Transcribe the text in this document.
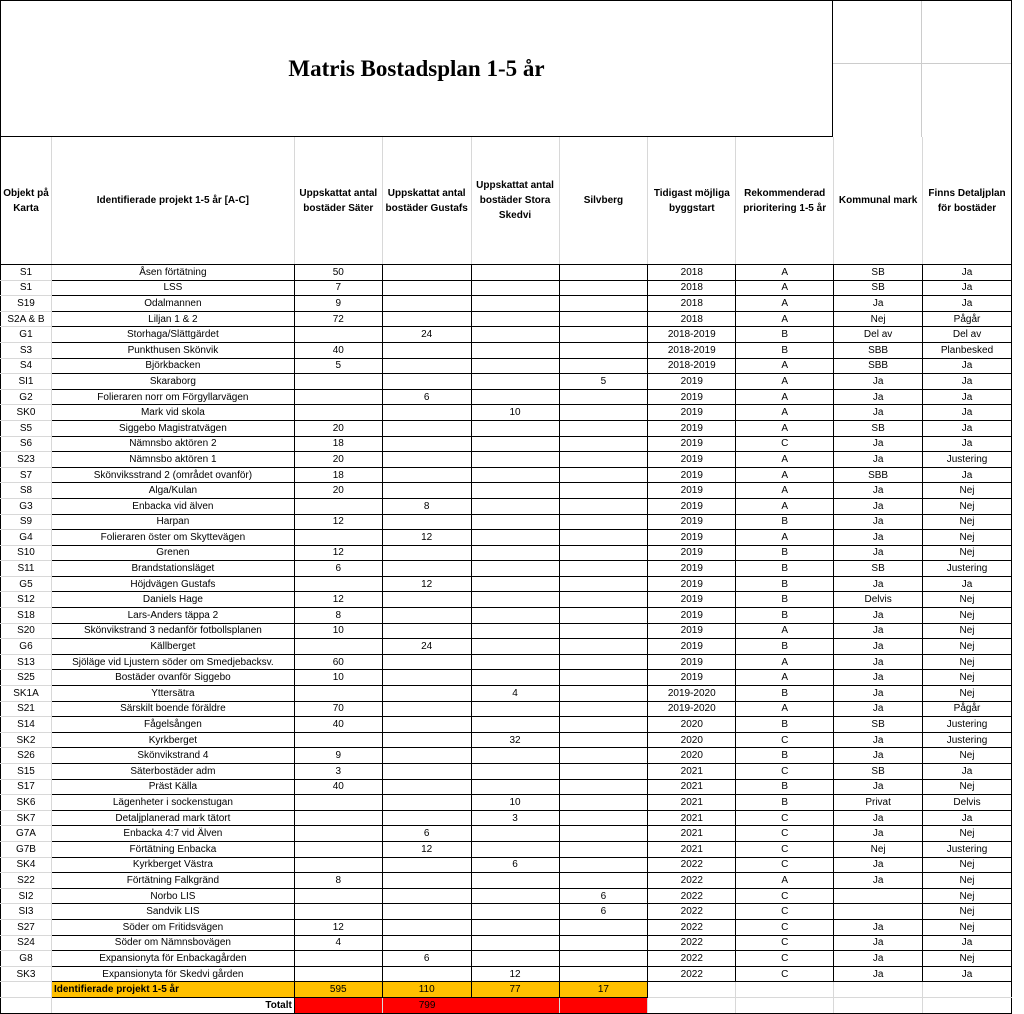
Matris Bostadsplan 1-5 år
Objekt på Karta	Identifierade projekt 1-5 år [A-C]	Uppskattat antal bostäder Säter	Uppskattat antal bostäder Gustafs	Uppskattat antal bostäder Stora Skedvi	Silvberg	Tidigast möjliga byggstart	Rekommenderad prioritering 1-5 år	Kommunal mark	Finns Detaljplan för bostäder
S1	Åsen förtätning	50				2018	A	SB	Ja
S1	LSS	7				2018	A	SB	Ja
S19	Odalmannen	9				2018	A	Ja	Ja
S2A & B	Liljan 1 & 2	72				2018	A	Nej	Pågår
G1	Storhaga/Slättgärdet		24			2018-2019	B	Del av	Del av
S3	Punkthusen Skönvik	40				2018-2019	B	SBB	Planbesked
S4	Björkbacken	5				2018-2019	A	SBB	Ja
SI1	Skaraborg				5	2019	A	Ja	Ja
G2	Folieraren norr om Förgyllarvägen		6			2019	A	Ja	Ja
SK0	Mark vid skola			10		2019	A	Ja	Ja
S5	Siggebo Magistratvägen	20				2019	A	SB	Ja
S6	Nämnsbo aktören 2	18				2019	C	Ja	Ja
S23	Nämnsbo aktören 1	20				2019	A	Ja	Justering
S7	Skönviksstrand 2 (området ovanför)	18				2019	A	SBB	Ja
S8	Alga/Kulan	20				2019	A	Ja	Nej
G3	Enbacka vid älven		8			2019	A	Ja	Nej
S9	Harpan	12				2019	B	Ja	Nej
G4	Folieraren öster om Skyttevägen		12			2019	A	Ja	Nej
S10	Grenen	12				2019	B	Ja	Nej
S11	Brandstationsläget	6				2019	B	SB	Justering
G5	Höjdvägen Gustafs		12			2019	B	Ja	Ja
S12	Daniels Hage	12				2019	B	Delvis	Nej
S18	Lars-Anders täppa 2	8				2019	B	Ja	Nej
S20	Skönvikstrand 3 nedanför fotbollsplanen	10				2019	A	Ja	Nej
G6	Källberget		24			2019	B	Ja	Nej
S13	Sjöläge vid Ljustern söder om Smedjebacksv.	60				2019	A	Ja	Nej
S25	Bostäder ovanför Siggebo	10				2019	A	Ja	Nej
SK1A	Yttersätra			4		2019-2020	B	Ja	Nej
S21	Särskilt boende föräldre	70				2019-2020	A	Ja	Pågår
S14	Fågelsången	40				2020	B	SB	Justering
SK2	Kyrkberget			32		2020	C	Ja	Justering
S26	Skönvikstrand 4	9				2020	B	Ja	Nej
S15	Säterbostäder adm	3				2021	C	SB	Ja
S17	Präst Källa	40				2021	B	Ja	Nej
SK6	Lägenheter i sockenstugan			10		2021	B	Privat	Delvis
SK7	Detaljplanerad mark tätort			3		2021	C	Ja	Ja
G7A	Enbacka 4:7 vid Älven		6			2021	C	Ja	Nej
G7B	Förtätning Enbacka		12			2021	C	Nej	Justering
SK4	Kyrkberget Västra			6		2022	C	Ja	Nej
S22	Förtätning Falkgränd	8				2022	A	Ja	Nej
SI2	Norbo LIS				6	2022	C		Nej
SI3	Sandvik LIS				6	2022	C		Nej
S27	Söder om Fritidsvägen	12				2022	C	Ja	Nej
S24	Söder om Nämnsbovägen	4				2022	C	Ja	Ja
G8	Expansionyta för Enbackagården		6			2022	C	Ja	Nej
SK3	Expansionyta för Skedvi gården			12		2022	C	Ja	Ja
	Identifierade projekt 1-5 år	595	110	77	17				
	Totalt		799						
